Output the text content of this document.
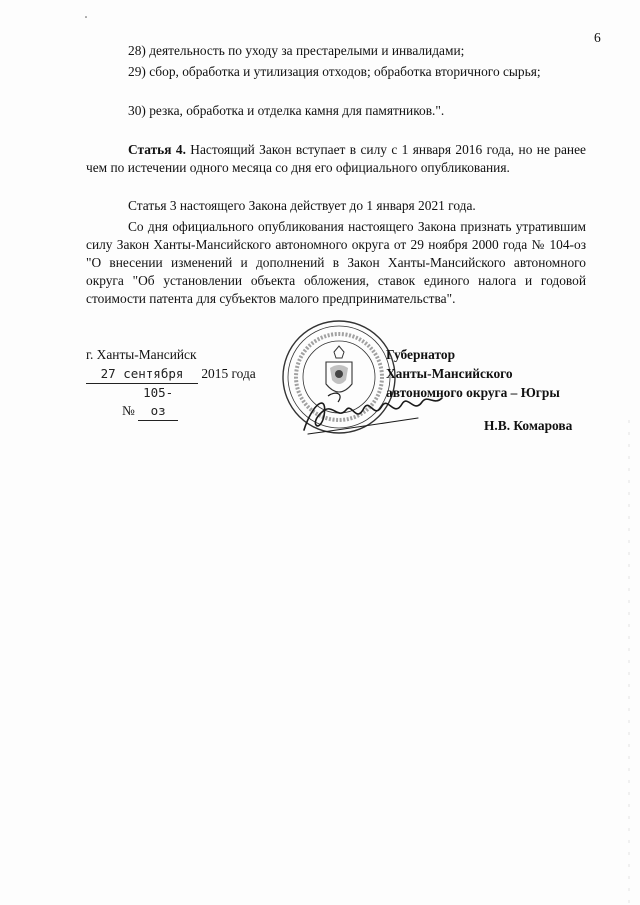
6

28) деятельность по уходу за престарелыми и инвалидами;

29) сбор, обработка и утилизация отходов; обработка вторичного сырья;

30) резка, обработка и отделка камня для памятников.".

Статья 4. Настоящий Закон вступает в силу с 1 января 2016 года, но не ранее чем по истечении одного месяца со дня его официального опубликования.

Статья 3 настоящего Закона действует до 1 января 2021 года.

Со дня официального опубликования настоящего Закона признать утратившим силу Закон Ханты-Мансийского автономного округа от 29 ноября 2000 года № 104-оз "О внесении изменений и дополнений в Закон Ханты-Мансийского автономного округа "Об установлении объекта обложения, ставок единого налога и годовой стоимости патента для субъектов малого предпринимательства".

г. Ханты-Мансийск
27 сентября 2015 года
№ 105-оз
Губернатор
Ханты-Мансийского
автономного округа – Югры
Н.В. Комарова
